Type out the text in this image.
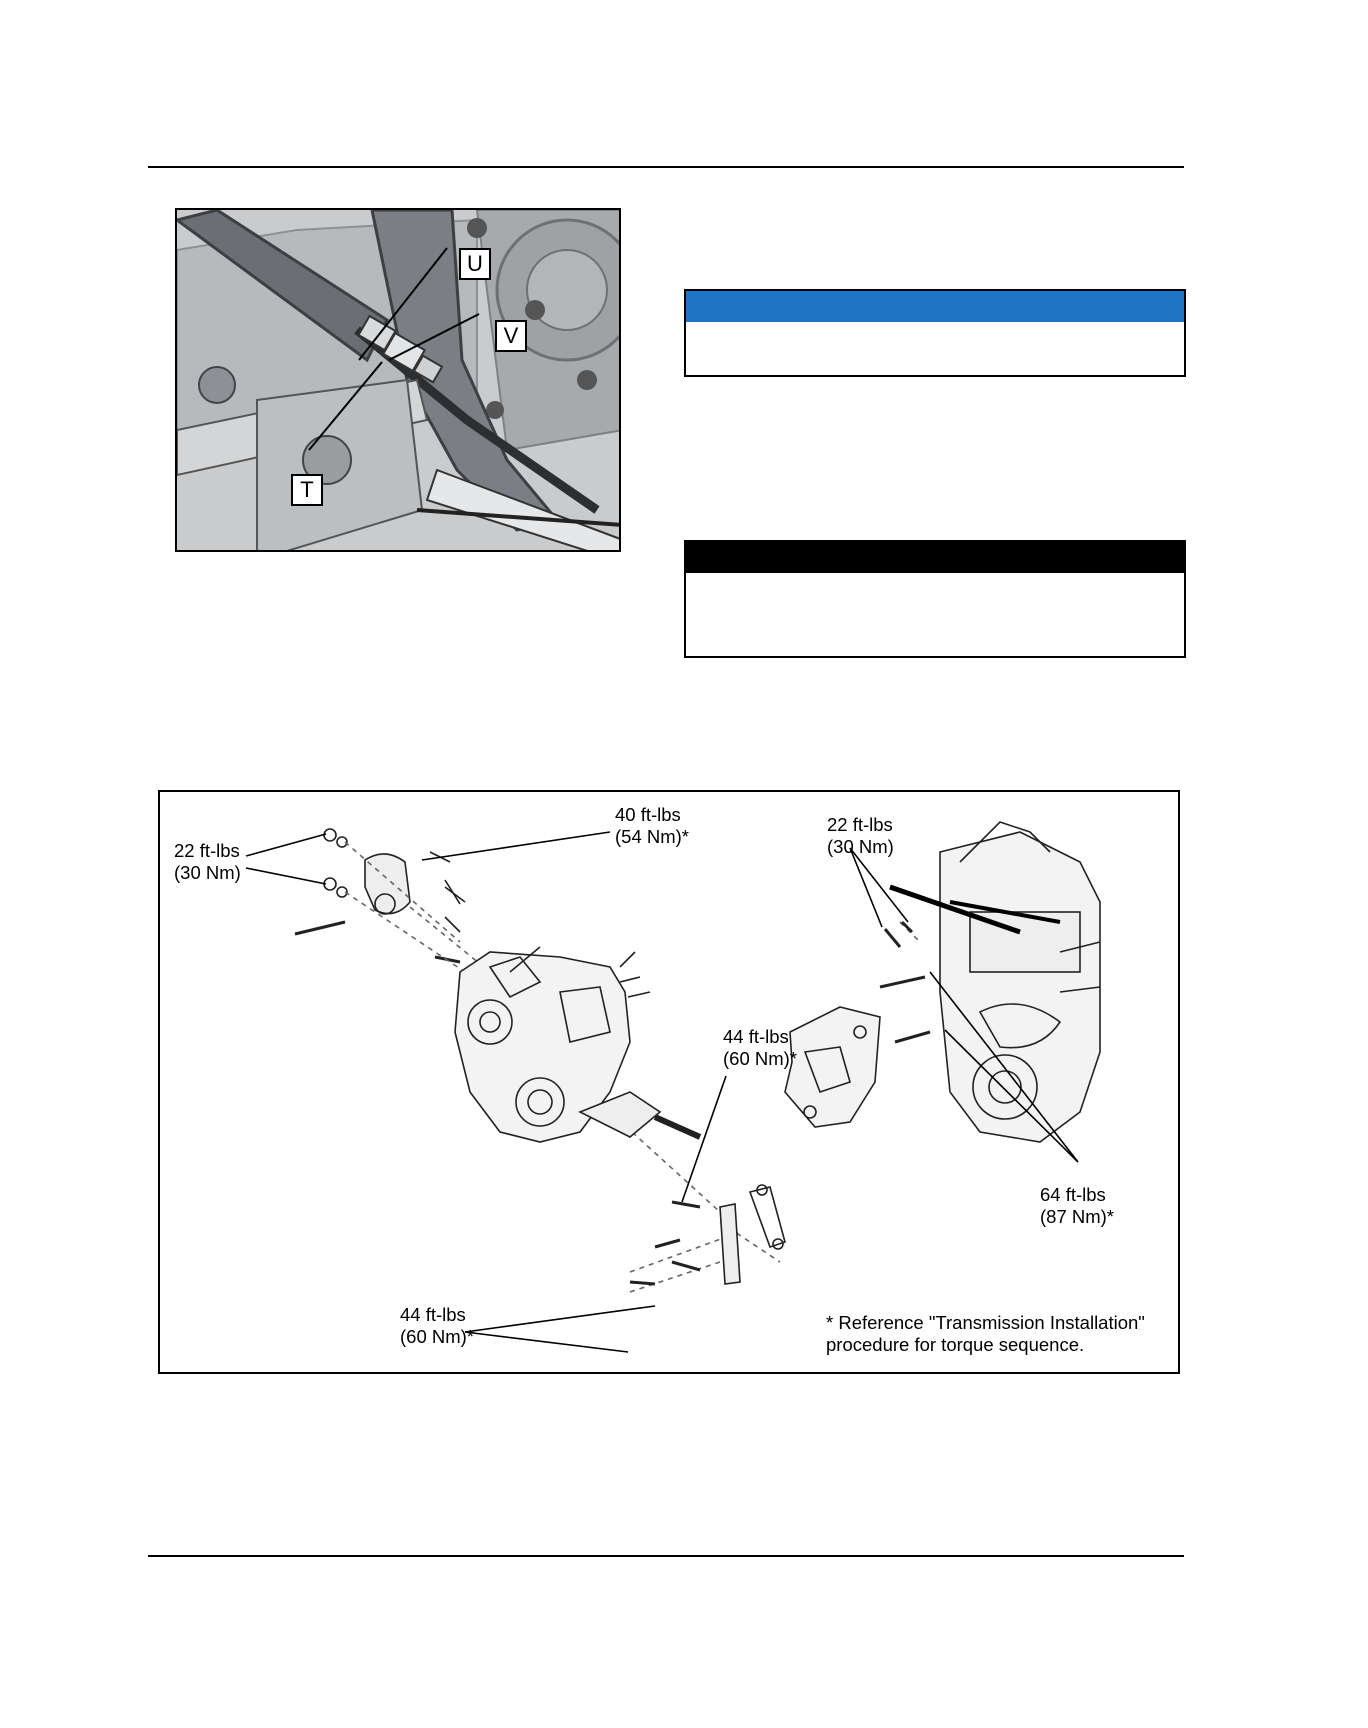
U
V
T
22 ft-lbs
(30 Nm)
40 ft-lbs
(54 Nm)*
22 ft-lbs
(30 Nm)
44 ft-lbs
(60 Nm)*
64 ft-lbs
(87 Nm)*
44 ft-lbs
(60 Nm)*
* Reference "Transmission Installation"
procedure for torque sequence.
